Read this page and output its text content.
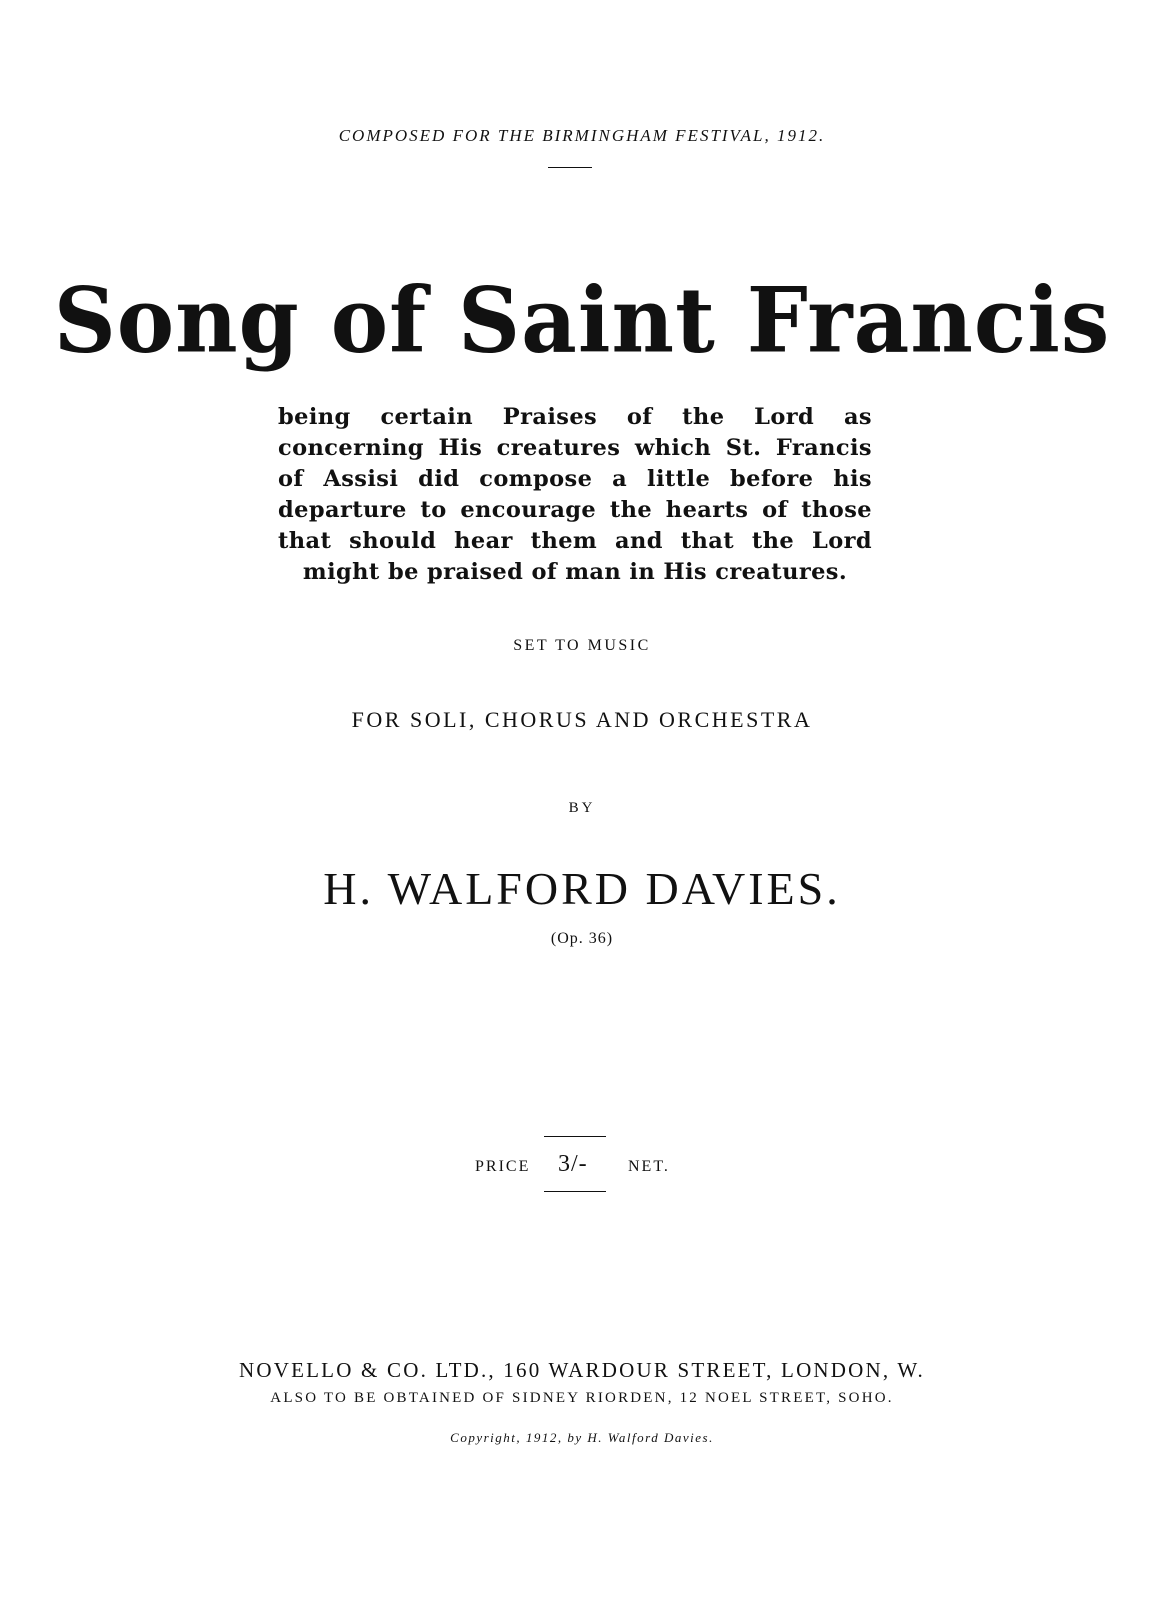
COMPOSED FOR THE BIRMINGHAM FESTIVAL, 1912.
Song of Saint Francis
being certain Praises of the Lord as concerning His creatures which St. Francis of Assisi did compose a little before his departure to encourage the hearts of those that should hear them and that the Lord might be praised of man in His creatures.
SET TO MUSIC
FOR SOLI, CHORUS AND ORCHESTRA
BY
H. WALFORD DAVIES.
(Op. 36)
PRICE 3/-	NET.
NOVELLO & CO. LTD., 160 WARDOUR STREET, LONDON, W.
ALSO TO BE OBTAINED OF SIDNEY RIORDEN, 12 NOEL STREET, SOHO.
Copyright, 1912, by H. Walford Davies.
